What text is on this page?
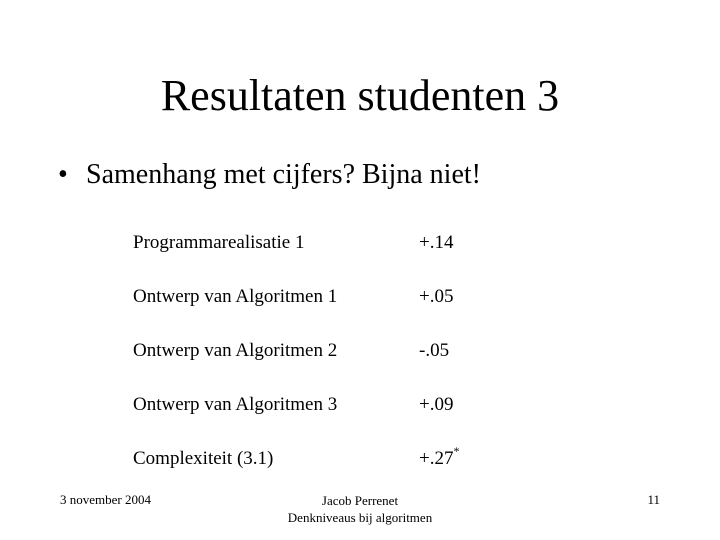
Resultaten studenten 3
• Samenhang met cijfers? Bijna niet!
Programmarealisatie 1	+.14
Ontwerp van Algoritmen 1	+.05
Ontwerp van Algoritmen 2	-.05
Ontwerp van Algoritmen 3	+.09
Complexiteit (3.1)	+.27*
3 november 2004	Jacob Perrenet
Denkniveaus bij algoritmen
11
